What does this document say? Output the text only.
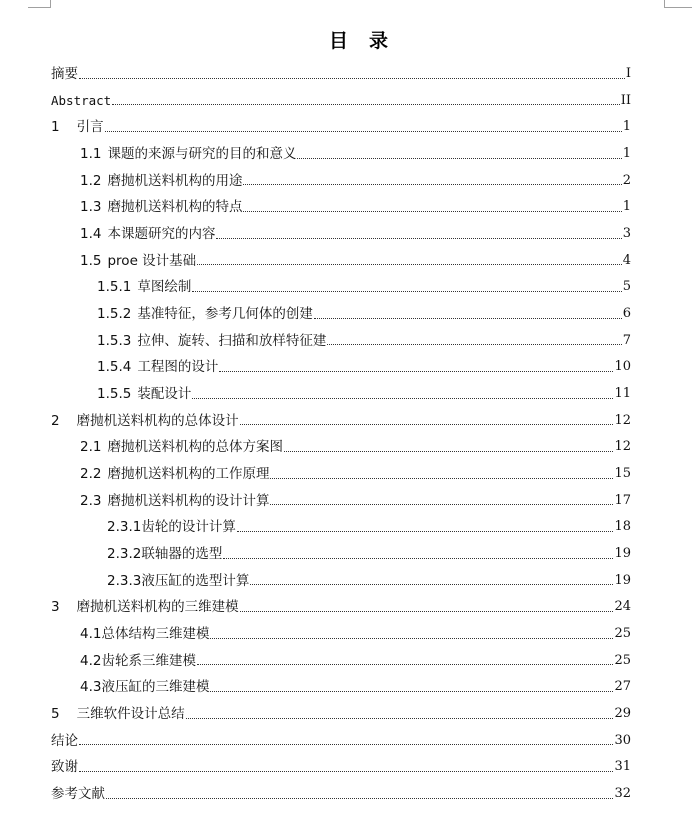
目　录
摘要	I
Abstract	II
1 引言	1
1.1 课题的来源与研究的目的和意义	1
1.2 磨抛机送料机构的用途	2
1.3 磨抛机送料机构的特点	1
1.4 本课题研究的内容	3
1.5 proe 设计基础	4
1.5.1 草图绘制	5
1.5.2 基准特征，参考几何体的创建	6
1.5.3 拉伸、旋转、扫描和放样特征建	7
1.5.4 工程图的设计	10
1.5.5 装配设计	11
2 磨抛机送料机构的总体设计	12
2.1 磨抛机送料机构的总体方案图	12
2.2 磨抛机送料机构的工作原理	15
2.3 磨抛机送料机构的设计计算	17
2.3.1 齿轮的设计计算	18
2.3.2 联轴器的选型	19
2.3.3 液压缸的选型计算	19
3 磨抛机送料机构的三维建模	24
4.1 总体结构三维建模	25
4.2 齿轮系三维建模	25
4.3 液压缸的三维建模	27
5 三维软件设计总结	29
结论	30
致谢	31
参考文献	32
